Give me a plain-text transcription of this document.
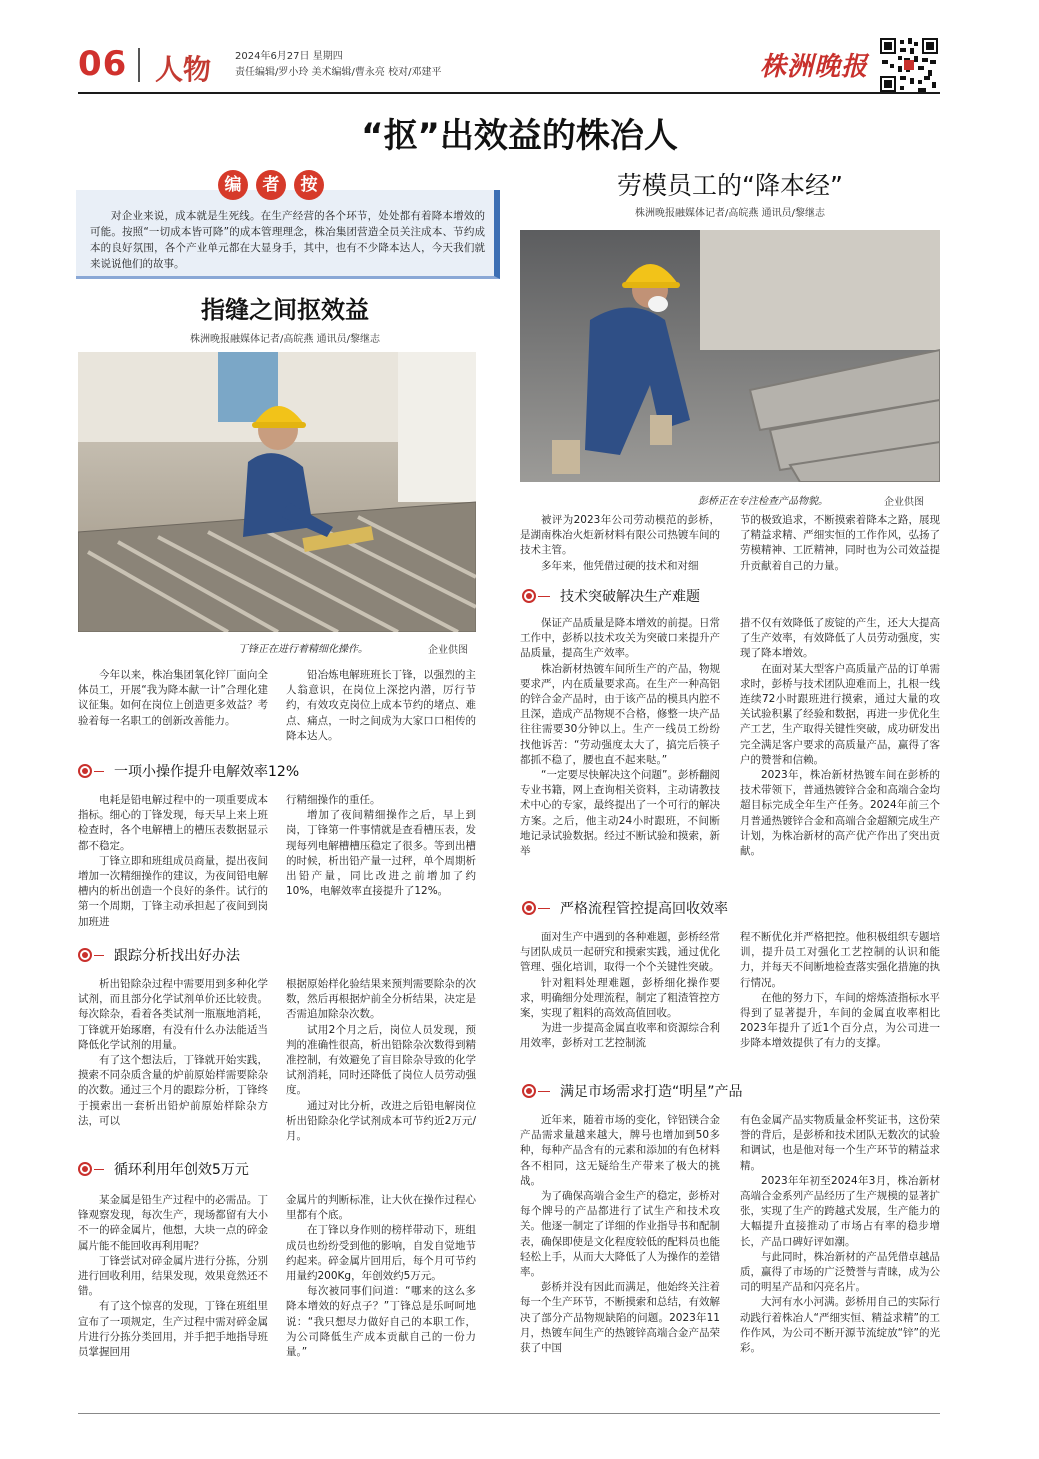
06 人物 2024年6月27日 星期四
责任编辑/罗小玲 美术编辑/曹永亮 校对/邓建平	株洲晚报
“抠”出效益的株冶人
编	者	按
对企业来说，成本就是生死线。在生产经营的各个环节，处处都有着降本增效的可能。按照“一切成本皆可降”的成本管理理念，株冶集团营造全员关注成本、节约成本的良好氛围，各个产业单元都在大显身手，其中，也有不少降本达人，今天我们就来说说他们的故事。
指缝之间抠效益
株洲晚报融媒体记者/高皖燕 通讯员/黎继志
丁锋正在进行着精细化操作。	企业供图

今年以来，株冶集团氧化锌厂面向全体员工，开展“我为降本献一计”合理化建议征集。如何在岗位上创造更多效益？考验着每一名职工的创新改善能力。

铅冶炼电解班班长丁锋，以强烈的主人翁意识，在岗位上深挖内潜，厉行节约，有效攻克岗位上成本节约的堵点、难点、痛点，一时之间成为大家口口相传的降本达人。

一项小操作提升电解效率12%

电耗是铅电解过程中的一项重要成本指标。细心的丁锋发现，每天早上来上班检查时，各个电解槽上的槽压表数据显示都不稳定。

丁锋立即和班组成员商量，提出夜间增加一次精细操作的建议，为夜间铅电解槽内的析出创造一个良好的条件。试行的第一个周期，丁锋主动承担起了夜间到岗加班进

行精细操作的重任。

增加了夜间精细操作之后，早上到岗，丁锋第一件事情就是查看槽压表，发现每列电解槽槽压稳定了很多。等到出槽的时候，析出铅产量一过秤，单个周期析出铅产量，同比改进之前增加了约10%，电解效率直接提升了12%。

跟踪分析找出好办法

析出铅除杂过程中需要用到多种化学试剂，而且部分化学试剂单价还比较贵。每次除杂，看着各类试剂一瓶瓶地消耗，丁锋就开始琢磨，有没有什么办法能适当降低化学试剂的用量。

有了这个想法后，丁锋就开始实践，摸索不同杂质含量的炉前原始样需要除杂的次数。通过三个月的跟踪分析，丁锋终于摸索出一套析出铅炉前原始样除杂方法，可以

根据原始样化验结果来预判需要除杂的次数，然后再根据炉前全分析结果，决定是否需追加除杂次数。

试用2个月之后，岗位人员发现，预判的准确性很高，析出铅除杂次数得到精准控制，有效避免了盲目除杂导致的化学试剂消耗，同时还降低了岗位人员劳动强度。

通过对比分析，改进之后铅电解岗位析出铅除杂化学试剂成本可节约近2万元/月。

循环利用年创效5万元

某金属是铅生产过程中的必需品。丁锋观察发现，每次生产，现场都留有大小不一的碎金属片，他想，大块一点的碎金属片能不能回收再利用呢？

丁锋尝试对碎金属片进行分拣，分别进行回收利用，结果发现，效果竟然还不错。

有了这个惊喜的发现，丁锋在班组里宣布了一项规定，生产过程中需对碎金属片进行分拣分类回用，并手把手地指导班员掌握回用

金属片的判断标准，让大伙在操作过程心里都有个底。

在丁锋以身作则的榜样带动下，班组成员也纷纷受到他的影响，自发自觉地节约起来。碎金属片回用后，每个月可节约用量约200Kg，年创效约5万元。

每次被同事们问道：“哪来的这么多降本增效的好点子？”丁锋总是乐呵呵地说：“我只想尽力做好自己的本职工作，为公司降低生产成本贡献自己的一份力量。”

劳模员工的“降本经”
株洲晚报融媒体记者/高皖燕 通讯员/黎继志
彭桥正在专注检查产品物貌。	企业供图

被评为2023年公司劳动模范的彭桥，是湖南株冶火炬新材料有限公司热镀车间的技术主管。

多年来，他凭借过硬的技术和对细

节的极致追求，不断摸索着降本之路，展现了精益求精、严细实恒的工作作风，弘扬了劳模精神、工匠精神，同时也为公司效益提升贡献着自己的力量。

技术突破解决生产难题

保证产品质量是降本增效的前提。日常工作中，彭桥以技术攻关为突破口来提升产品质量，提高生产效率。

株冶新材热镀车间所生产的产品，物规要求严，内在质量要求高。在生产一种高铝的锌合金产品时，由于该产品的模具内腔不且深，造成产品物规不合格，修整一块产品往往需要30分钟以上。生产一线员工纷纷找他诉苦：“劳动强度太大了，搞完后筷子都抓不稳了，腰也直不起来哒。”

“一定要尽快解决这个问题”。彭桥翻阅专业书籍，网上查询相关资料，主动请教技术中心的专家，最终提出了一个可行的解决方案。之后，他主动24小时跟班，不间断地记录试验数据。经过不断试验和摸索，新举

措不仅有效降低了废锭的产生，还大大提高了生产效率，有效降低了人员劳动强度，实现了降本增效。

在面对某大型客户高质量产品的订单需求时，彭桥与技术团队迎难而上，扎根一线连续72小时跟班进行摸索，通过大量的攻关试验积累了经验和数据，再进一步优化生产工艺，生产取得关键性突破，成功研发出完全满足客户要求的高质量产品，赢得了客户的赞誉和信赖。

2023年，株冶新材热镀车间在彭桥的技术带领下，普通热镀锌合金和高端合金均超目标完成全年生产任务。2024年前三个月普通热镀锌合金和高端合金超额完成生产计划，为株冶新材的高产优产作出了突出贡献。

严格流程管控提高回收效率

面对生产中遇到的各种难题，彭桥经常与团队成员一起研究和摸索实践，通过优化管理、强化培训，取得一个个关键性突破。

针对粗料处理难题，彭桥细化操作要求，明确细分处理流程，制定了粗渣管控方案，实现了粗料的高效高值回收。

为进一步提高金属直收率和资源综合利用效率，彭桥对工艺控制流

程不断优化并严格把控。他积极组织专题培训，提升员工对强化工艺控制的认识和能力，并每天不间断地检查落实强化措施的执行情况。

在他的努力下，车间的熔炼渣指标水平得到了显著提升，车间的金属直收率相比2023年提升了近1个百分点，为公司进一步降本增效提供了有力的支撑。

满足市场需求打造“明星”产品

近年来，随着市场的变化，锌铝镁合金产品需求量越来越大，牌号也增加到50多种，每种产品含有的元素和添加的有色材料各不相同，这无疑给生产带来了极大的挑战。

为了确保高端合金生产的稳定，彭桥对每个牌号的产品都进行了试生产和技术攻关。他逐一制定了详细的作业指导书和配制表，确保即使是文化程度较低的配料员也能轻松上手，从而大大降低了人为操作的差错率。

彭桥并没有因此而满足，他始终关注着每一个生产环节，不断摸索和总结，有效解决了部分产品物规缺陷的问题。2023年11月，热镀车间生产的热镀锌高端合金产品荣获了中国

有色金属产品实物质量金杯奖证书，这份荣誉的背后，是彭桥和技术团队无数次的试验和调试，也是他对每一个生产环节的精益求精。

2023年年初至2024年3月，株冶新材高端合金系列产品经历了生产规模的显著扩张，实现了生产的跨越式发展，生产能力的大幅提升直接推动了市场占有率的稳步增长，产品口碑好评如潮。

与此同时，株冶新材的产品凭借卓越品质，赢得了市场的广泛赞誉与青睐，成为公司的明星产品和闪亮名片。

大河有水小河满。彭桥用自己的实际行动践行着株冶人“严细实恒、精益求精”的工作作风，为公司不断开源节流绽放“锌”的光彩。
